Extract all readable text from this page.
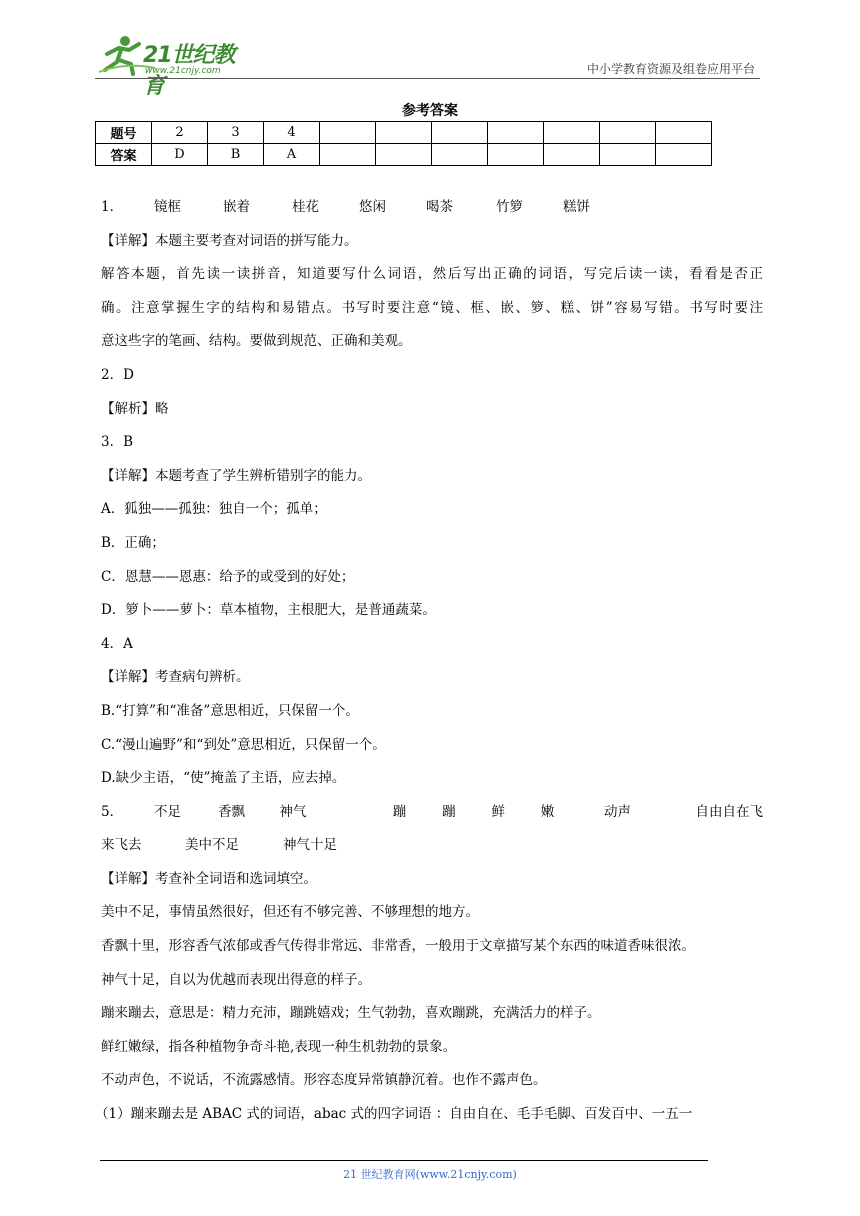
21世纪教育
www.21cnjy.com	中小学教育资源及组卷应用平台
参考答案
题号	2	3	4							
答案	D	B	A							
1．	镜框	嵌着	桂花	悠闲	喝茶	竹箩	糕饼
【详解】本题主要考查对词语的拼写能力。
解答本题，首先读一读拼音，知道要写什么词语，然后写出正确的词语，写完后读一读，看看是否正
确。注意掌握生字的结构和易错点。书写时要注意“镜、框、嵌、箩、糕、饼”容易写错。书写时要注
意这些字的笔画、结构。要做到规范、正确和美观。
2．D
【解析】略
3．B
【详解】本题考查了学生辨析错别字的能力。
A．狐独——孤独：独自一个；孤单；
B．正确；
C．恩慧——恩惠：给予的或受到的好处；
D．箩卜——萝卜：草本植物，主根肥大，是普通蔬菜。
4．A
【详解】考查病句辨析。
B.“打算”和“准备”意思相近，只保留一个。
C.“漫山遍野”和“到处”意思相近，只保留一个。
D.缺少主语，“使”掩盖了主语，应去掉。
5．	不足	香飘	神气	蹦	蹦	鲜	嫩	动声	自由自在 飞
来飞去	美中不足	神气十足
【详解】考查补全词语和选词填空。
美中不足，事情虽然很好，但还有不够完善、不够理想的地方。
香飘十里，形容香气浓郁或香气传得非常远、非常香，一般用于文章描写某个东西的味道香味很浓。
神气十足，自以为优越而表现出得意的样子。
蹦来蹦去，意思是：精力充沛，蹦跳嬉戏；生气勃勃，喜欢蹦跳，充满活力的样子。
鲜红嫩绿，指各种植物争奇斗艳,表现一种生机勃勃的景象。
不动声色，不说话，不流露感情。形容态度异常镇静沉着。也作不露声色。
（1）蹦来蹦去是 ABAC 式的词语，abac 式的四字词语 ：自由自在、毛手毛脚、百发百中、一五一
21 世纪教育网(www.21cnjy.com)
